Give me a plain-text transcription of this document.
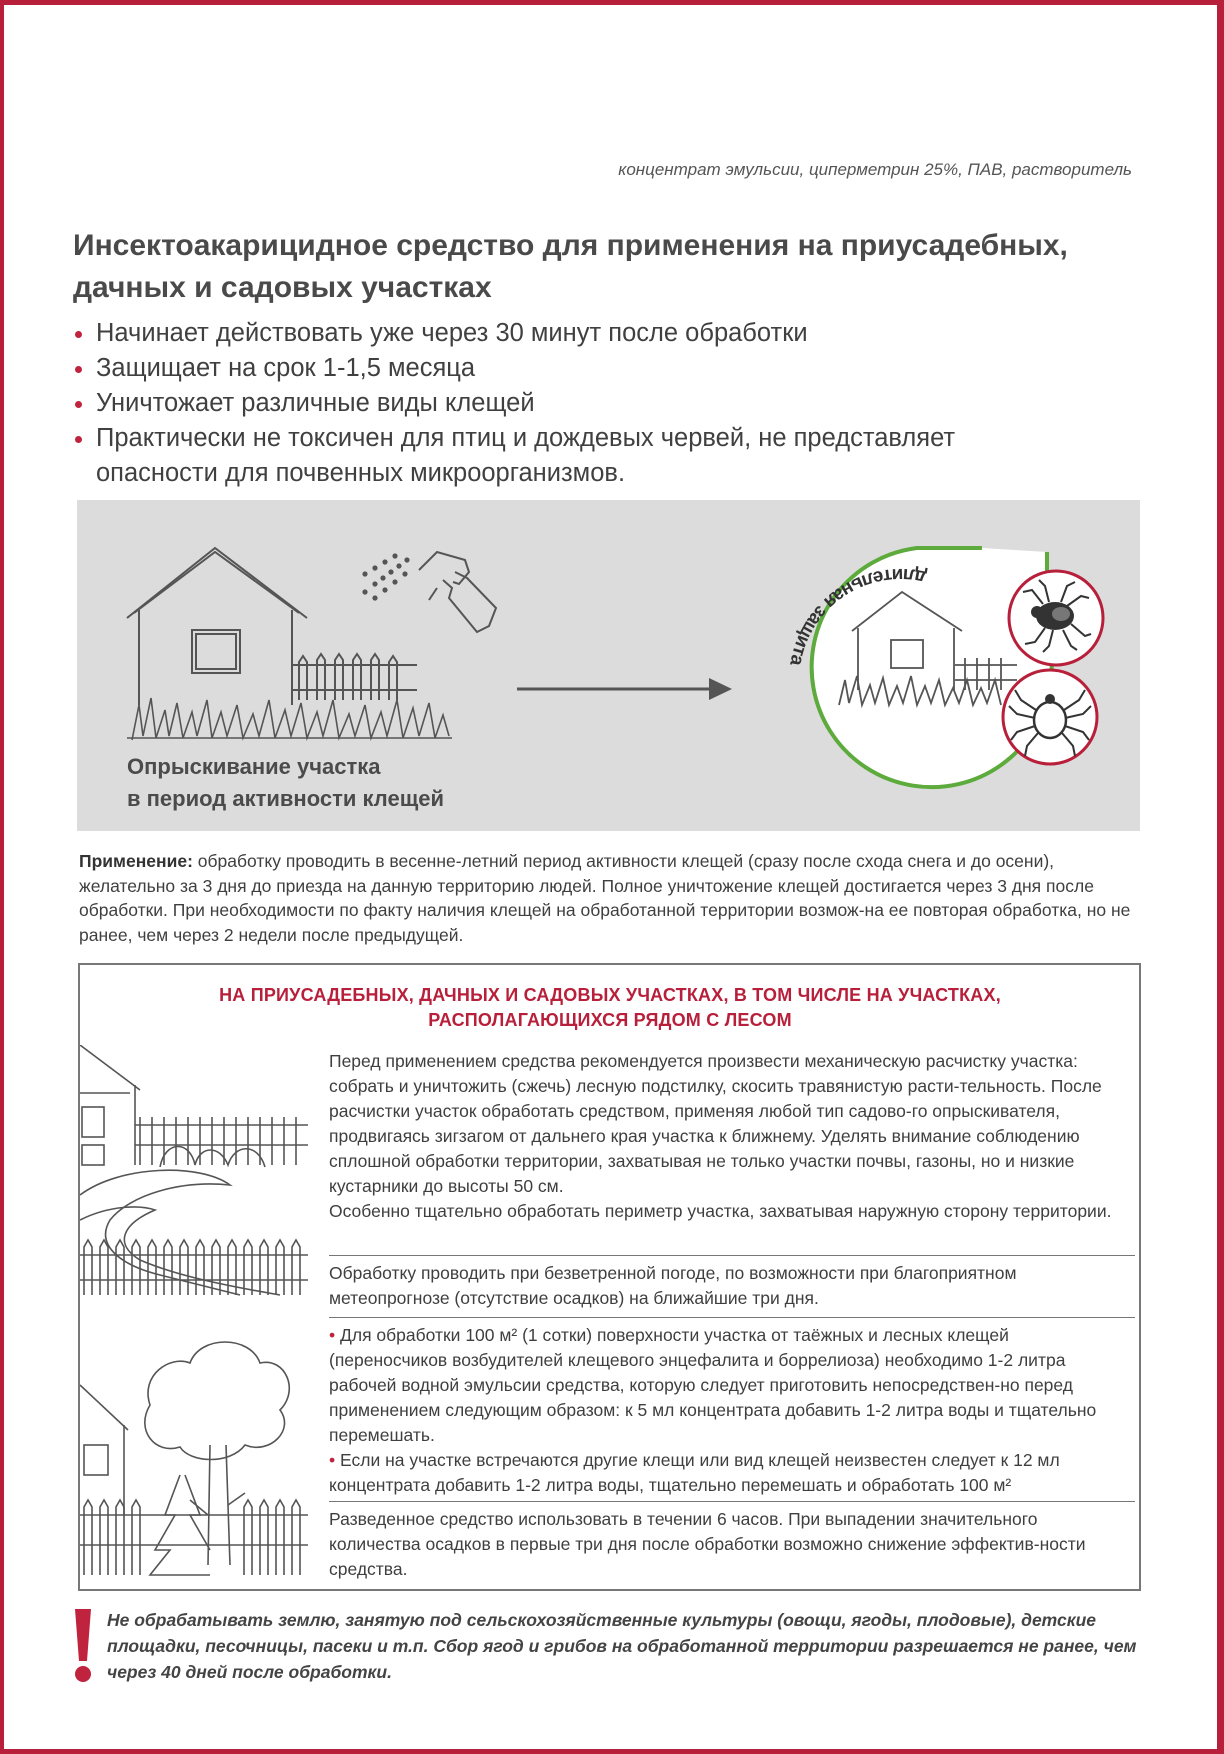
концентрат эмульсии, циперметрин 25%, ПАВ, растворитель
Инсектоакарицидное средство для применения на приусадебных, дачных и садовых участках
Начинает действовать уже через 30 минут после обработки
Защищает на срок 1-1,5 месяца
Уничтожает различные виды клещей
Практически не токсичен для птиц и дождевых червей, не представляет опасности для почвенных микроорганизмов.
длительная защита
Опрыскивание участка
в период активности клещей

Применение: обработку проводить в весенне-летний период активности клещей (сразу после схода снега и до осени), желательно за 3 дня до приезда на данную территорию людей. Полное уничтожение клещей достигается через 3 дня после обработки. При необходимости по факту наличия клещей на обработанной территории возмож-на ее повторая обработка, но не ранее, чем через 2 недели после предыдущей.

НА ПРИУСАДЕБНЫХ, ДАЧНЫХ И САДОВЫХ УЧАСТКАХ, В ТОМ ЧИСЛЕ НА УЧАСТКАХ,
РАСПОЛАГАЮЩИХСЯ РЯДОМ С ЛЕСОМ

Перед применением средства рекомендуется произвести механическую расчистку участка: собрать и уничтожить (сжечь) лесную подстилку, скосить травянистую расти-тельность. После расчистки участок обработать средством, применяя любой тип садово-го опрыскивателя, продвигаясь зигзагом от дальнего края участка к ближнему. Уделять внимание соблюдению сплошной обработки территории, захватывая не только участки почвы, газоны, но и низкие кустарники до высоты 50 см.

Особенно тщательно обработать периметр участка, захватывая наружную сторону территории.

Обработку проводить при безветренной погоде, по возможности при благоприятном метеопрогнозе (отсутствие осадков) на ближайшие три дня.

• Для обработки 100 м² (1 сотки) поверхности участка от таёжных и лесных клещей (переносчиков возбудителей клещевого энцефалита и боррелиоза) необходимо 1-2 литра рабочей водной эмульсии средства, которую следует приготовить непосредствен-но перед применением следующим образом: к 5 мл концентрата добавить 1-2 литра воды и тщательно перемешать.

• Если на участке встречаются другие клещи или вид клещей неизвестен следует к 12 мл концентрата добавить 1-2 литра воды, тщательно перемешать и обработать 100 м²

Разведенное средство использовать в течении 6 часов. При выпадении значительного количества осадков в первые три дня после обработки возможно снижение эффектив-ности средства.

Не обрабатывать землю, занятую под сельскохозяйственные культуры (овощи, ягоды, плодовые), детские площадки, песочницы, пасеки и т.п. Сбор ягод и грибов на обработанной территории разрешается не ранее, чем через 40 дней после обработки.
